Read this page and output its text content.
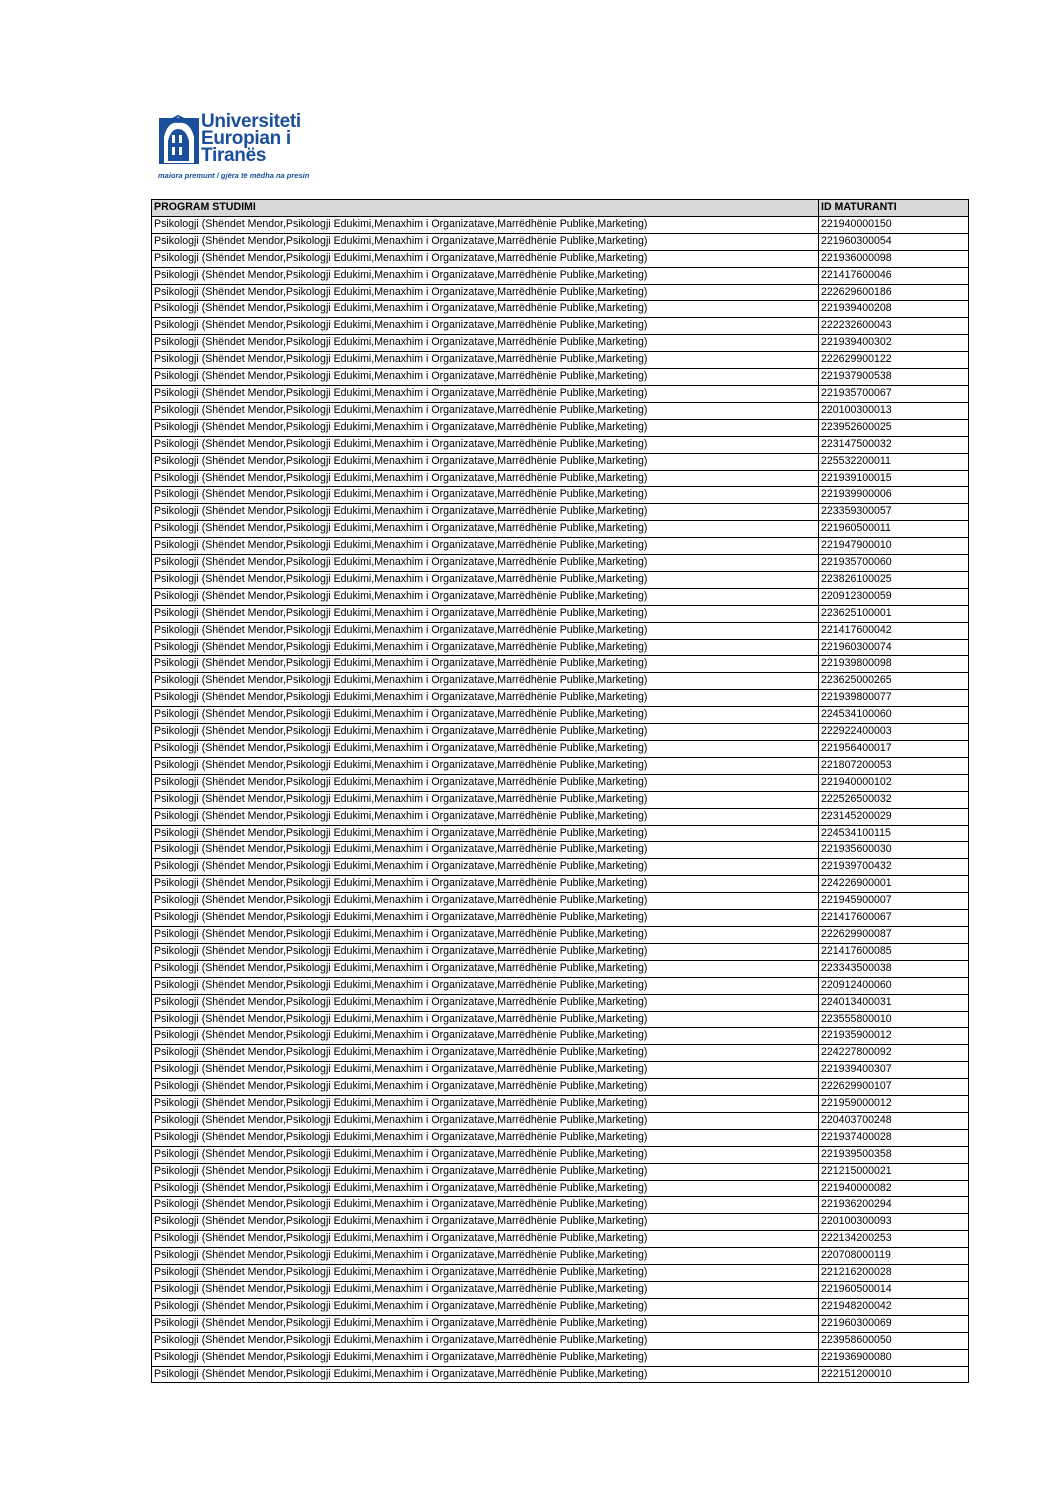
Universiteti
Europian i
Tiranës
maiora premunt / gjëra të mëdha na presin
PROGRAM STUDIMI	ID MATURANTI
Psikologji (Shëndet Mendor,Psikologji Edukimi,Menaxhim i Organizatave,Marrëdhënie Publike,Marketing)	221940000150
Psikologji (Shëndet Mendor,Psikologji Edukimi,Menaxhim i Organizatave,Marrëdhënie Publike,Marketing)	221960300054
Psikologji (Shëndet Mendor,Psikologji Edukimi,Menaxhim i Organizatave,Marrëdhënie Publike,Marketing)	221936000098
Psikologji (Shëndet Mendor,Psikologji Edukimi,Menaxhim i Organizatave,Marrëdhënie Publike,Marketing)	221417600046
Psikologji (Shëndet Mendor,Psikologji Edukimi,Menaxhim i Organizatave,Marrëdhënie Publike,Marketing)	222629600186
Psikologji (Shëndet Mendor,Psikologji Edukimi,Menaxhim i Organizatave,Marrëdhënie Publike,Marketing)	221939400208
Psikologji (Shëndet Mendor,Psikologji Edukimi,Menaxhim i Organizatave,Marrëdhënie Publike,Marketing)	222232600043
Psikologji (Shëndet Mendor,Psikologji Edukimi,Menaxhim i Organizatave,Marrëdhënie Publike,Marketing)	221939400302
Psikologji (Shëndet Mendor,Psikologji Edukimi,Menaxhim i Organizatave,Marrëdhënie Publike,Marketing)	222629900122
Psikologji (Shëndet Mendor,Psikologji Edukimi,Menaxhim i Organizatave,Marrëdhënie Publike,Marketing)	221937900538
Psikologji (Shëndet Mendor,Psikologji Edukimi,Menaxhim i Organizatave,Marrëdhënie Publike,Marketing)	221935700067
Psikologji (Shëndet Mendor,Psikologji Edukimi,Menaxhim i Organizatave,Marrëdhënie Publike,Marketing)	220100300013
Psikologji (Shëndet Mendor,Psikologji Edukimi,Menaxhim i Organizatave,Marrëdhënie Publike,Marketing)	223952600025
Psikologji (Shëndet Mendor,Psikologji Edukimi,Menaxhim i Organizatave,Marrëdhënie Publike,Marketing)	223147500032
Psikologji (Shëndet Mendor,Psikologji Edukimi,Menaxhim i Organizatave,Marrëdhënie Publike,Marketing)	225532200011
Psikologji (Shëndet Mendor,Psikologji Edukimi,Menaxhim i Organizatave,Marrëdhënie Publike,Marketing)	221939100015
Psikologji (Shëndet Mendor,Psikologji Edukimi,Menaxhim i Organizatave,Marrëdhënie Publike,Marketing)	221939900006
Psikologji (Shëndet Mendor,Psikologji Edukimi,Menaxhim i Organizatave,Marrëdhënie Publike,Marketing)	223359300057
Psikologji (Shëndet Mendor,Psikologji Edukimi,Menaxhim i Organizatave,Marrëdhënie Publike,Marketing)	221960500011
Psikologji (Shëndet Mendor,Psikologji Edukimi,Menaxhim i Organizatave,Marrëdhënie Publike,Marketing)	221947900010
Psikologji (Shëndet Mendor,Psikologji Edukimi,Menaxhim i Organizatave,Marrëdhënie Publike,Marketing)	221935700060
Psikologji (Shëndet Mendor,Psikologji Edukimi,Menaxhim i Organizatave,Marrëdhënie Publike,Marketing)	223826100025
Psikologji (Shëndet Mendor,Psikologji Edukimi,Menaxhim i Organizatave,Marrëdhënie Publike,Marketing)	220912300059
Psikologji (Shëndet Mendor,Psikologji Edukimi,Menaxhim i Organizatave,Marrëdhënie Publike,Marketing)	223625100001
Psikologji (Shëndet Mendor,Psikologji Edukimi,Menaxhim i Organizatave,Marrëdhënie Publike,Marketing)	221417600042
Psikologji (Shëndet Mendor,Psikologji Edukimi,Menaxhim i Organizatave,Marrëdhënie Publike,Marketing)	221960300074
Psikologji (Shëndet Mendor,Psikologji Edukimi,Menaxhim i Organizatave,Marrëdhënie Publike,Marketing)	221939800098
Psikologji (Shëndet Mendor,Psikologji Edukimi,Menaxhim i Organizatave,Marrëdhënie Publike,Marketing)	223625000265
Psikologji (Shëndet Mendor,Psikologji Edukimi,Menaxhim i Organizatave,Marrëdhënie Publike,Marketing)	221939800077
Psikologji (Shëndet Mendor,Psikologji Edukimi,Menaxhim i Organizatave,Marrëdhënie Publike,Marketing)	224534100060
Psikologji (Shëndet Mendor,Psikologji Edukimi,Menaxhim i Organizatave,Marrëdhënie Publike,Marketing)	222922400003
Psikologji (Shëndet Mendor,Psikologji Edukimi,Menaxhim i Organizatave,Marrëdhënie Publike,Marketing)	221956400017
Psikologji (Shëndet Mendor,Psikologji Edukimi,Menaxhim i Organizatave,Marrëdhënie Publike,Marketing)	221807200053
Psikologji (Shëndet Mendor,Psikologji Edukimi,Menaxhim i Organizatave,Marrëdhënie Publike,Marketing)	221940000102
Psikologji (Shëndet Mendor,Psikologji Edukimi,Menaxhim i Organizatave,Marrëdhënie Publike,Marketing)	222526500032
Psikologji (Shëndet Mendor,Psikologji Edukimi,Menaxhim i Organizatave,Marrëdhënie Publike,Marketing)	223145200029
Psikologji (Shëndet Mendor,Psikologji Edukimi,Menaxhim i Organizatave,Marrëdhënie Publike,Marketing)	224534100115
Psikologji (Shëndet Mendor,Psikologji Edukimi,Menaxhim i Organizatave,Marrëdhënie Publike,Marketing)	221935600030
Psikologji (Shëndet Mendor,Psikologji Edukimi,Menaxhim i Organizatave,Marrëdhënie Publike,Marketing)	221939700432
Psikologji (Shëndet Mendor,Psikologji Edukimi,Menaxhim i Organizatave,Marrëdhënie Publike,Marketing)	224226900001
Psikologji (Shëndet Mendor,Psikologji Edukimi,Menaxhim i Organizatave,Marrëdhënie Publike,Marketing)	221945900007
Psikologji (Shëndet Mendor,Psikologji Edukimi,Menaxhim i Organizatave,Marrëdhënie Publike,Marketing)	221417600067
Psikologji (Shëndet Mendor,Psikologji Edukimi,Menaxhim i Organizatave,Marrëdhënie Publike,Marketing)	222629900087
Psikologji (Shëndet Mendor,Psikologji Edukimi,Menaxhim i Organizatave,Marrëdhënie Publike,Marketing)	221417600085
Psikologji (Shëndet Mendor,Psikologji Edukimi,Menaxhim i Organizatave,Marrëdhënie Publike,Marketing)	223343500038
Psikologji (Shëndet Mendor,Psikologji Edukimi,Menaxhim i Organizatave,Marrëdhënie Publike,Marketing)	220912400060
Psikologji (Shëndet Mendor,Psikologji Edukimi,Menaxhim i Organizatave,Marrëdhënie Publike,Marketing)	224013400031
Psikologji (Shëndet Mendor,Psikologji Edukimi,Menaxhim i Organizatave,Marrëdhënie Publike,Marketing)	223555800010
Psikologji (Shëndet Mendor,Psikologji Edukimi,Menaxhim i Organizatave,Marrëdhënie Publike,Marketing)	221935900012
Psikologji (Shëndet Mendor,Psikologji Edukimi,Menaxhim i Organizatave,Marrëdhënie Publike,Marketing)	224227800092
Psikologji (Shëndet Mendor,Psikologji Edukimi,Menaxhim i Organizatave,Marrëdhënie Publike,Marketing)	221939400307
Psikologji (Shëndet Mendor,Psikologji Edukimi,Menaxhim i Organizatave,Marrëdhënie Publike,Marketing)	222629900107
Psikologji (Shëndet Mendor,Psikologji Edukimi,Menaxhim i Organizatave,Marrëdhënie Publike,Marketing)	221959000012
Psikologji (Shëndet Mendor,Psikologji Edukimi,Menaxhim i Organizatave,Marrëdhënie Publike,Marketing)	220403700248
Psikologji (Shëndet Mendor,Psikologji Edukimi,Menaxhim i Organizatave,Marrëdhënie Publike,Marketing)	221937400028
Psikologji (Shëndet Mendor,Psikologji Edukimi,Menaxhim i Organizatave,Marrëdhënie Publike,Marketing)	221939500358
Psikologji (Shëndet Mendor,Psikologji Edukimi,Menaxhim i Organizatave,Marrëdhënie Publike,Marketing)	221215000021
Psikologji (Shëndet Mendor,Psikologji Edukimi,Menaxhim i Organizatave,Marrëdhënie Publike,Marketing)	221940000082
Psikologji (Shëndet Mendor,Psikologji Edukimi,Menaxhim i Organizatave,Marrëdhënie Publike,Marketing)	221936200294
Psikologji (Shëndet Mendor,Psikologji Edukimi,Menaxhim i Organizatave,Marrëdhënie Publike,Marketing)	220100300093
Psikologji (Shëndet Mendor,Psikologji Edukimi,Menaxhim i Organizatave,Marrëdhënie Publike,Marketing)	222134200253
Psikologji (Shëndet Mendor,Psikologji Edukimi,Menaxhim i Organizatave,Marrëdhënie Publike,Marketing)	220708000119
Psikologji (Shëndet Mendor,Psikologji Edukimi,Menaxhim i Organizatave,Marrëdhënie Publike,Marketing)	221216200028
Psikologji (Shëndet Mendor,Psikologji Edukimi,Menaxhim i Organizatave,Marrëdhënie Publike,Marketing)	221960500014
Psikologji (Shëndet Mendor,Psikologji Edukimi,Menaxhim i Organizatave,Marrëdhënie Publike,Marketing)	221948200042
Psikologji (Shëndet Mendor,Psikologji Edukimi,Menaxhim i Organizatave,Marrëdhënie Publike,Marketing)	221960300069
Psikologji (Shëndet Mendor,Psikologji Edukimi,Menaxhim i Organizatave,Marrëdhënie Publike,Marketing)	223958600050
Psikologji (Shëndet Mendor,Psikologji Edukimi,Menaxhim i Organizatave,Marrëdhënie Publike,Marketing)	221936900080
Psikologji (Shëndet Mendor,Psikologji Edukimi,Menaxhim i Organizatave,Marrëdhënie Publike,Marketing)	222151200010
